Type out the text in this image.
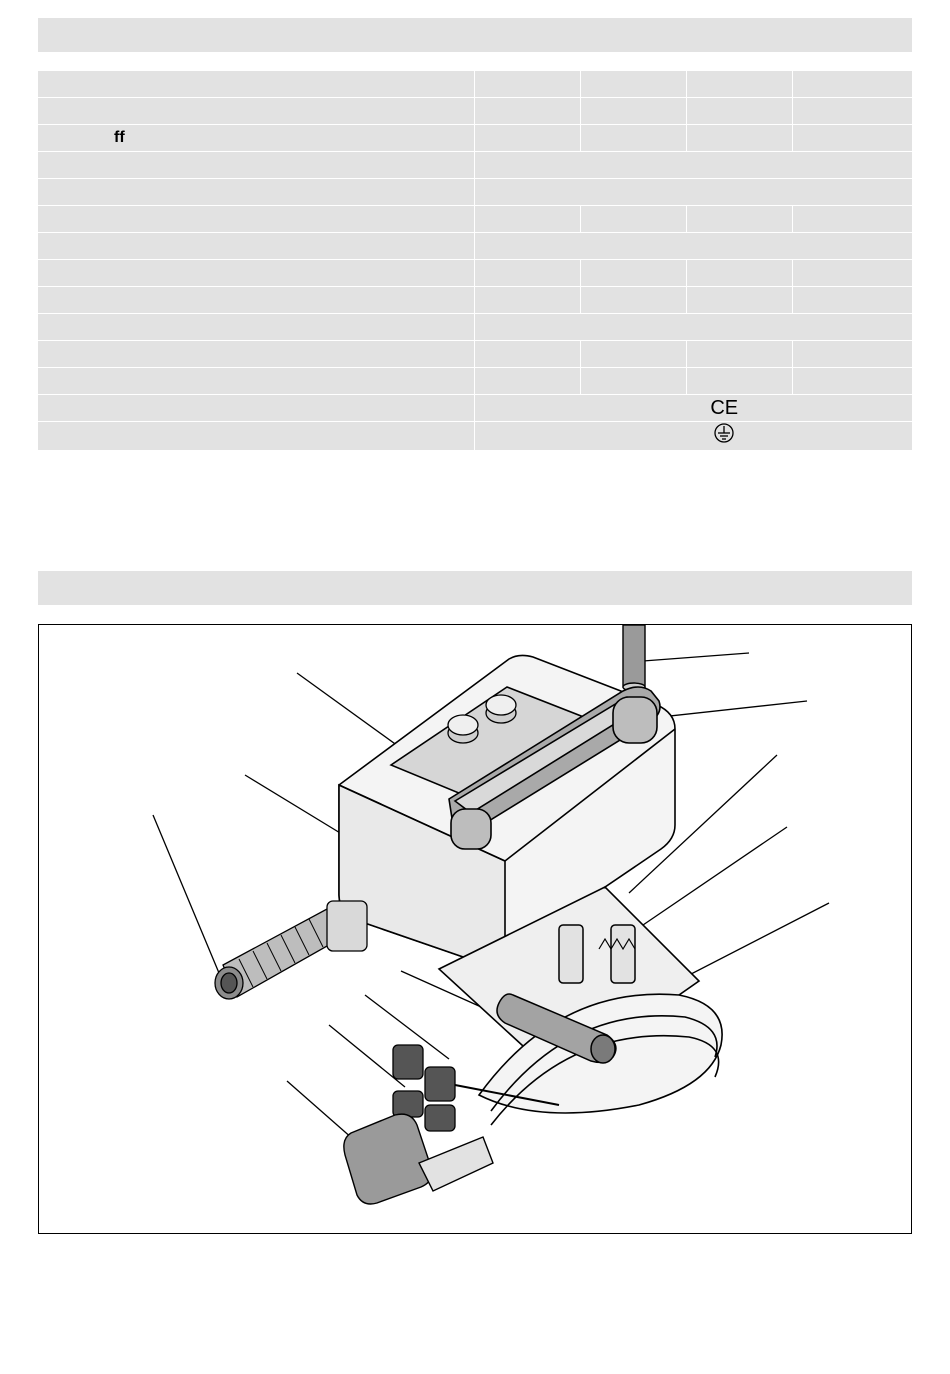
ff				

	CE			
